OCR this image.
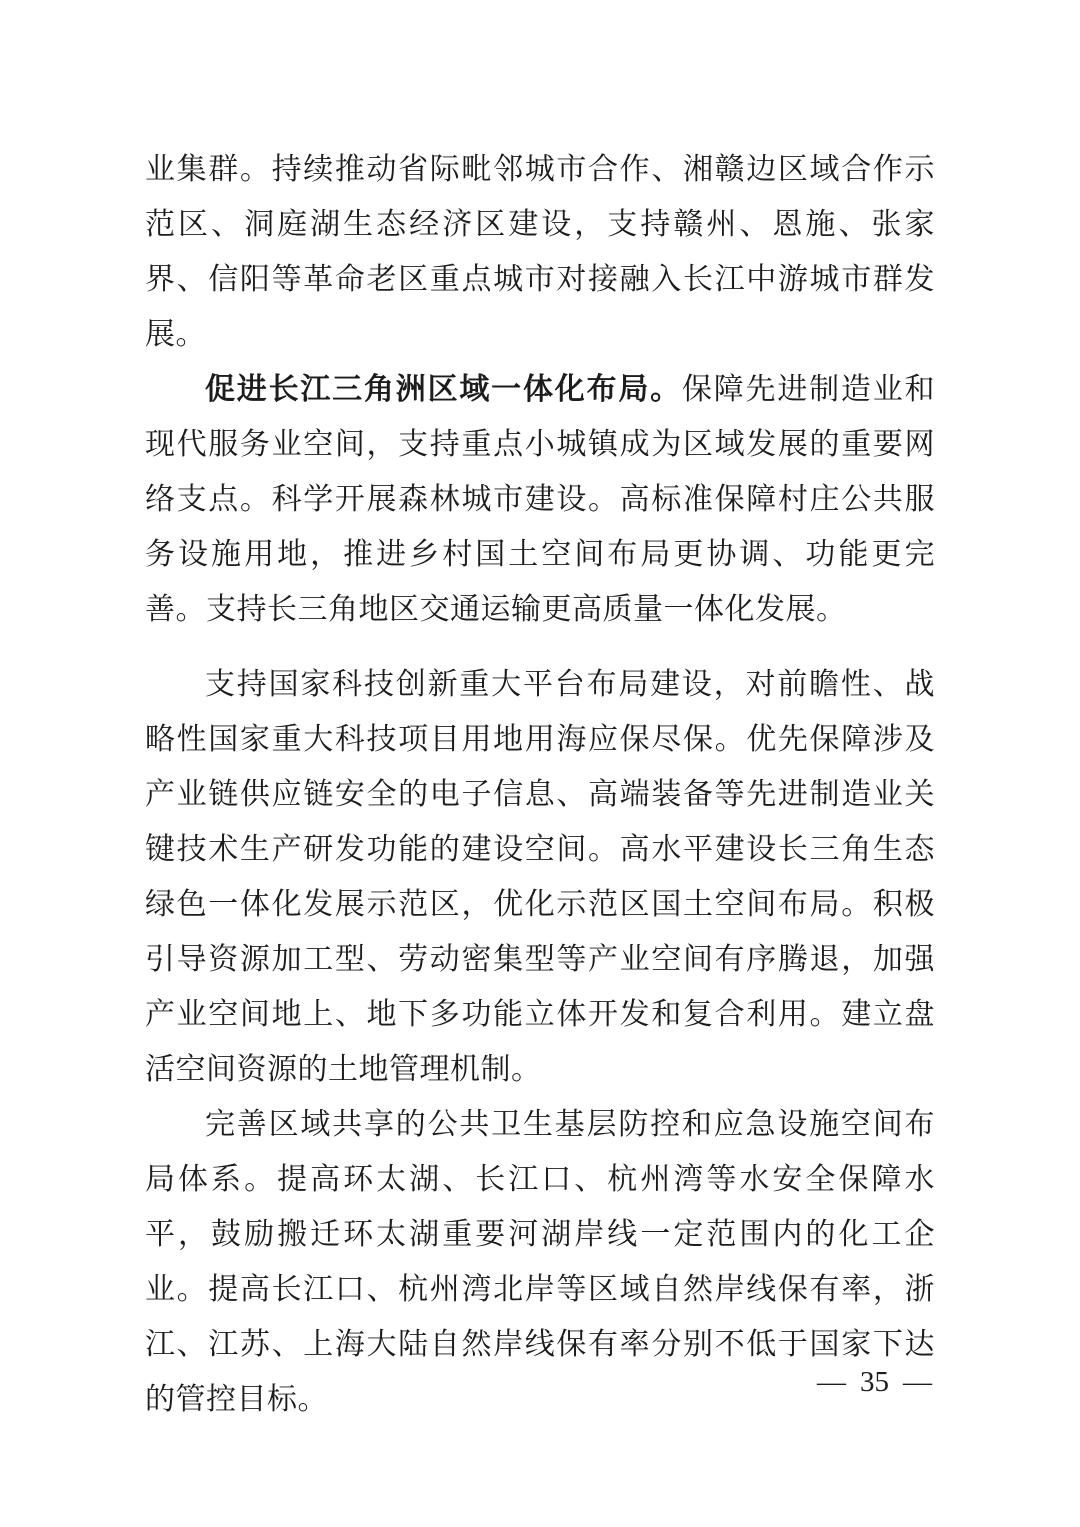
业集群。持续推动省际毗邻城市合作、湘赣边区域合作示范区、洞庭湖生态经济区建设，支持赣州、恩施、张家界、信阳等革命老区重点城市对接融入长江中游城市群发展。

促进长江三角洲区域一体化布局。保障先进制造业和现代服务业空间，支持重点小城镇成为区域发展的重要网络支点。科学开展森林城市建设。高标准保障村庄公共服务设施用地，推进乡村国土空间布局更协调、功能更完善。支持长三角地区交通运输更高质量一体化发展。

支持国家科技创新重大平台布局建设，对前瞻性、战略性国家重大科技项目用地用海应保尽保。优先保障涉及产业链供应链安全的电子信息、高端装备等先进制造业关键技术生产研发功能的建设空间。高水平建设长三角生态绿色一体化发展示范区，优化示范区国土空间布局。积极引导资源加工型、劳动密集型等产业空间有序腾退，加强产业空间地上、地下多功能立体开发和复合利用。建立盘活空间资源的土地管理机制。

完善区域共享的公共卫生基层防控和应急设施空间布局体系。提高环太湖、长江口、杭州湾等水安全保障水平，鼓励搬迁环太湖重要河湖岸线一定范围内的化工企业。提高长江口、杭州湾北岸等区域自然岸线保有率，浙江、江苏、上海大陆自然岸线保有率分别不低于国家下达的管控目标。

— 35 —
